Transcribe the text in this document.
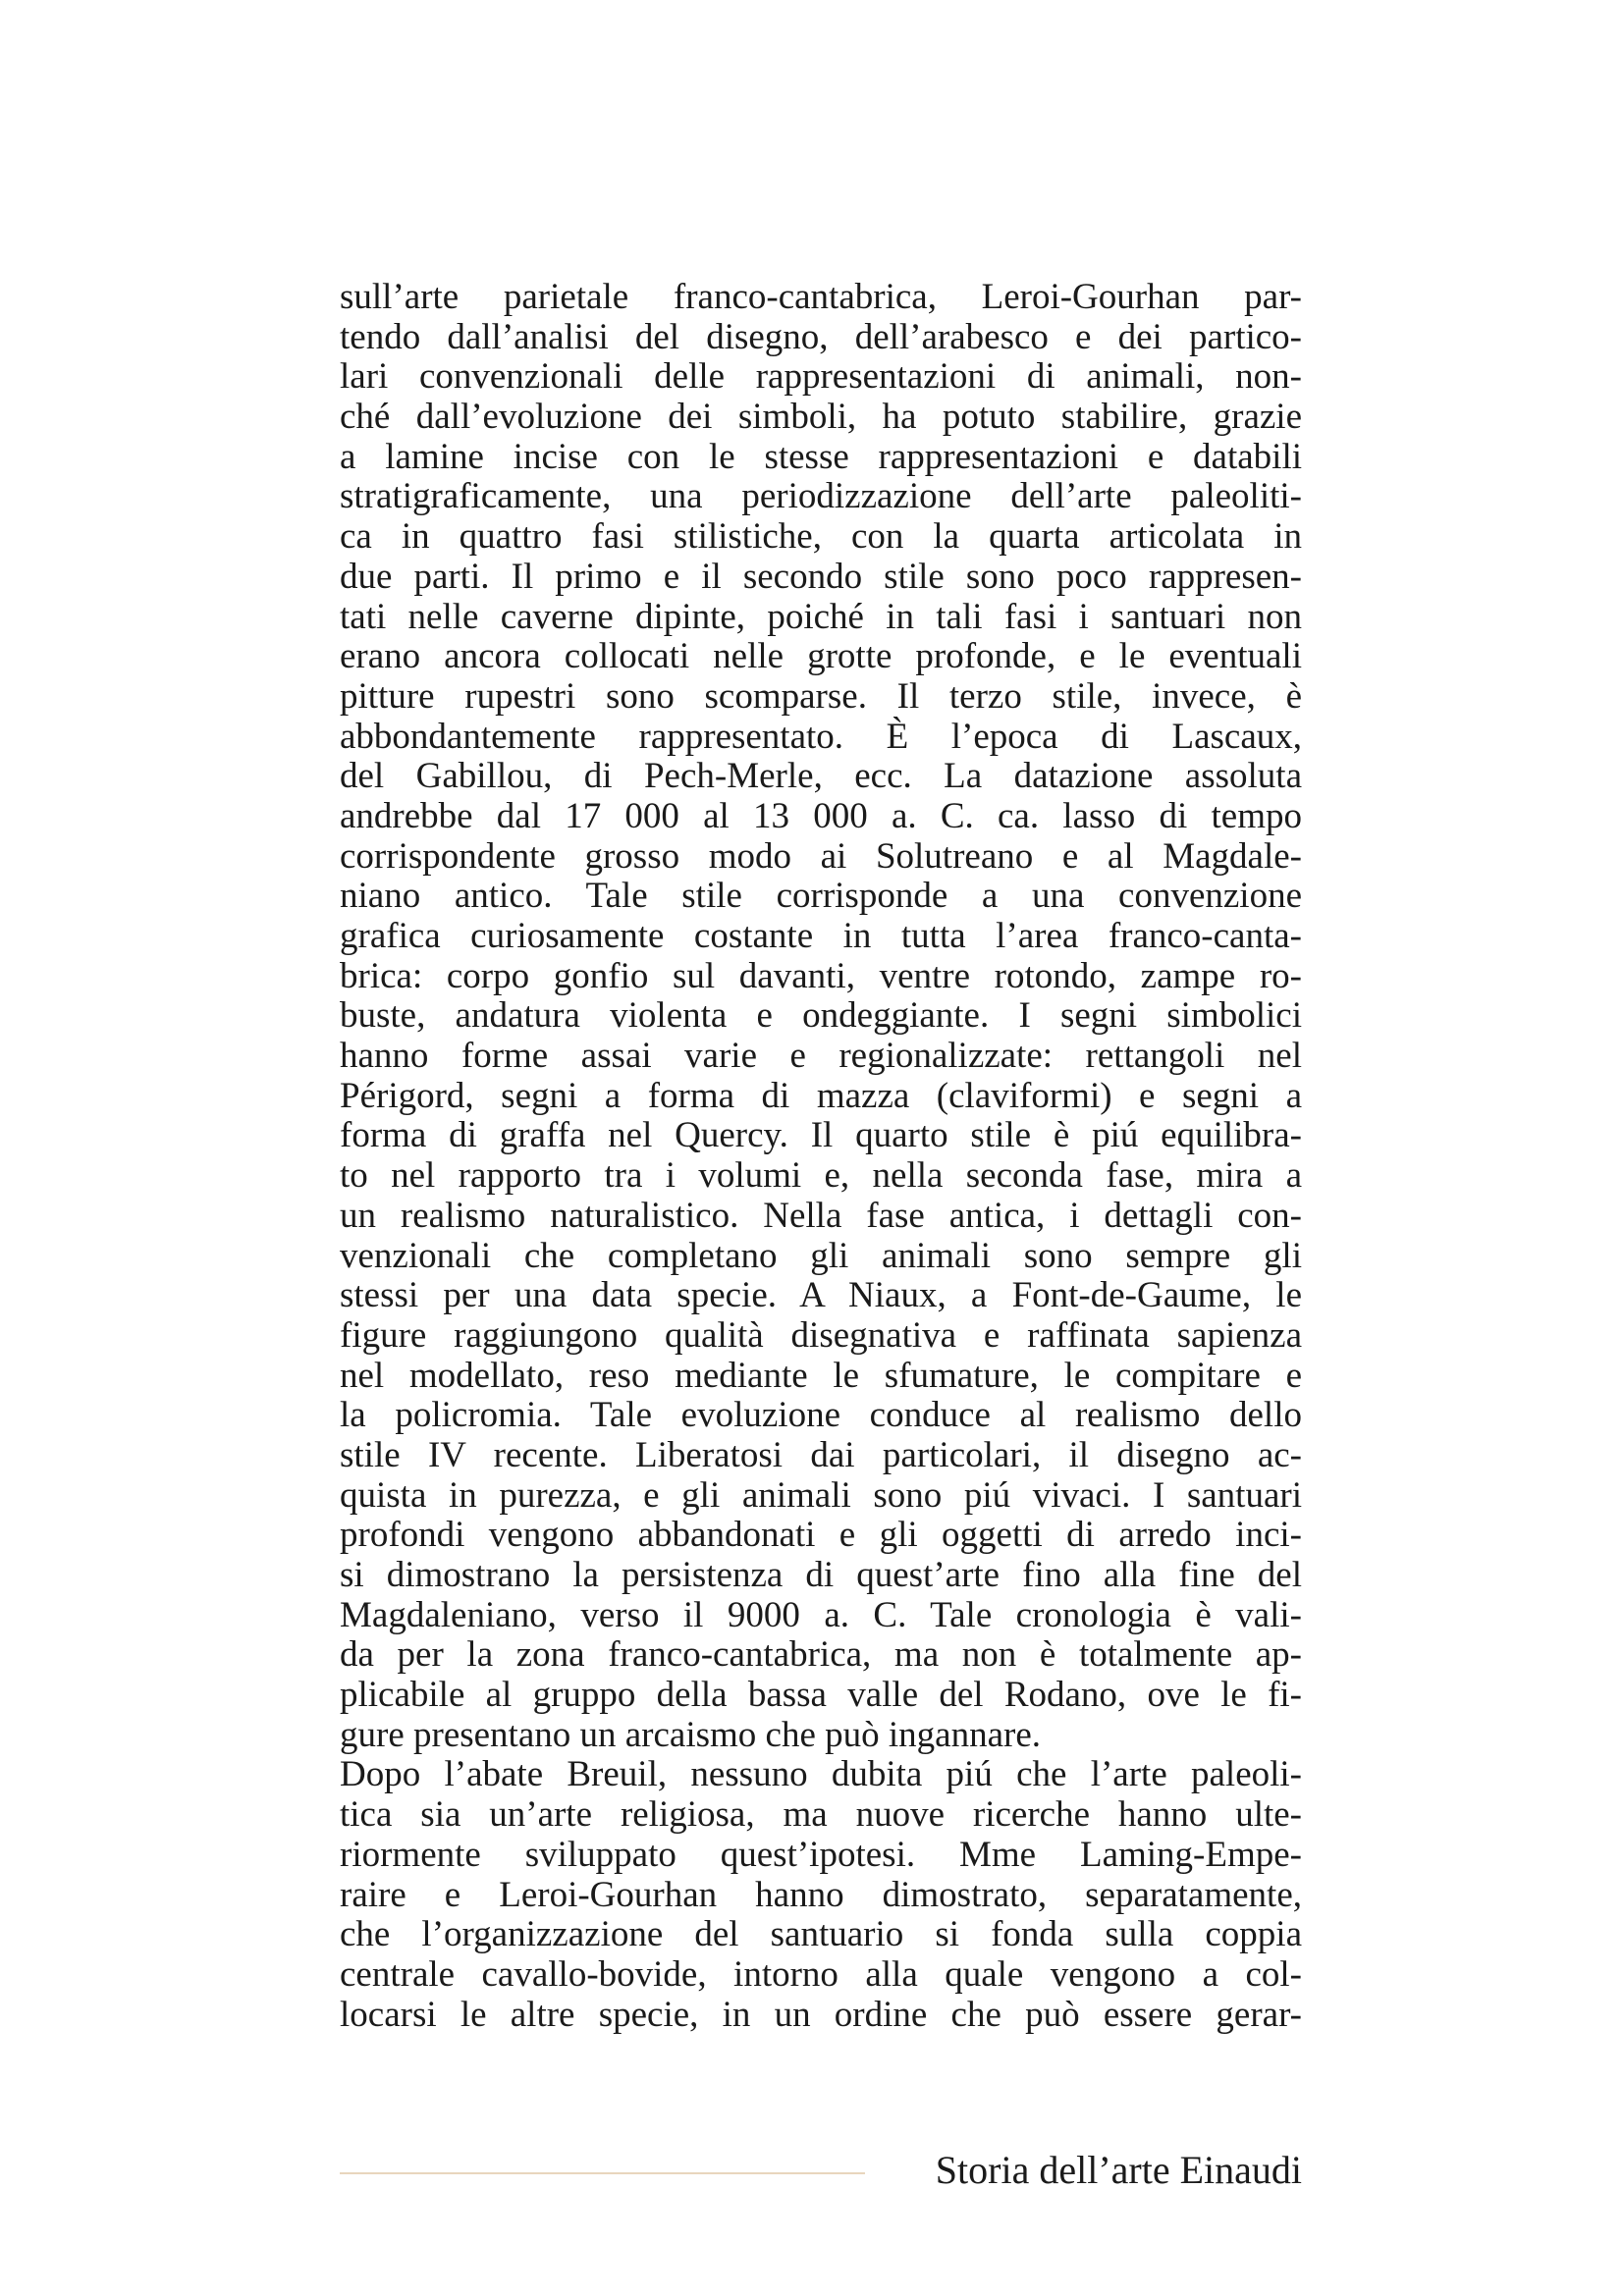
sull’arte parietale franco-cantabrica, Leroi-Gourhan par-
tendo dall’analisi del disegno, dell’arabesco e dei partico-
lari convenzionali delle rappresentazioni di animali, non-
ché dall’evoluzione dei simboli, ha potuto stabilire, grazie
a lamine incise con le stesse rappresentazioni e databili
stratigraficamente, una periodizzazione dell’arte paleoliti-
ca in quattro fasi stilistiche, con la quarta articolata in
due parti. Il primo e il secondo stile sono poco rappresen-
tati nelle caverne dipinte, poiché in tali fasi i santuari non
erano ancora collocati nelle grotte profonde, e le eventuali
pitture rupestri sono scomparse. Il terzo stile, invece, è
abbondantemente rappresentato. È l’epoca di Lascaux,
del Gabillou, di Pech-Merle, ecc. La datazione assoluta
andrebbe dal 17 000 al 13 000 a. C. ca. lasso di tempo
corrispondente grosso modo ai Solutreano e al Magdale-
niano antico. Tale stile corrisponde a una convenzione
grafica curiosamente costante in tutta l’area franco-canta-
brica: corpo gonfio sul davanti, ventre rotondo, zampe ro-
buste, andatura violenta e ondeggiante. I segni simbolici
hanno forme assai varie e regionalizzate: rettangoli nel
Périgord, segni a forma di mazza (claviformi) e segni a
forma di graffa nel Quercy. Il quarto stile è piú equilibra-
to nel rapporto tra i volumi e, nella seconda fase, mira a
un realismo naturalistico. Nella fase antica, i dettagli con-
venzionali che completano gli animali sono sempre gli
stessi per una data specie. A Niaux, a Font-de-Gaume, le
figure raggiungono qualità disegnativa e raffinata sapienza
nel modellato, reso mediante le sfumature, le compitare e
la policromia. Tale evoluzione conduce al realismo dello
stile IV recente. Liberatosi dai particolari, il disegno ac-
quista in purezza, e gli animali sono piú vivaci. I santuari
profondi vengono abbandonati e gli oggetti di arredo inci-
si dimostrano la persistenza di quest’arte fino alla fine del
Magdaleniano, verso il 9000 a. C. Tale cronologia è vali-
da per la zona franco-cantabrica, ma non è totalmente ap-
plicabile al gruppo della bassa valle del Rodano, ove le fi-
gure presentano un arcaismo che può ingannare.
Dopo l’abate Breuil, nessuno dubita piú che l’arte paleoli-
tica sia un’arte religiosa, ma nuove ricerche hanno ulte-
riormente sviluppato quest’ipotesi. Mme Laming-Empe-
raire e Leroi-Gourhan hanno dimostrato, separatamente,
che l’organizzazione del santuario si fonda sulla coppia
centrale cavallo-bovide, intorno alla quale vengono a col-
locarsi le altre specie, in un ordine che può essere gerar-
Storia dell’arte Einaudi
